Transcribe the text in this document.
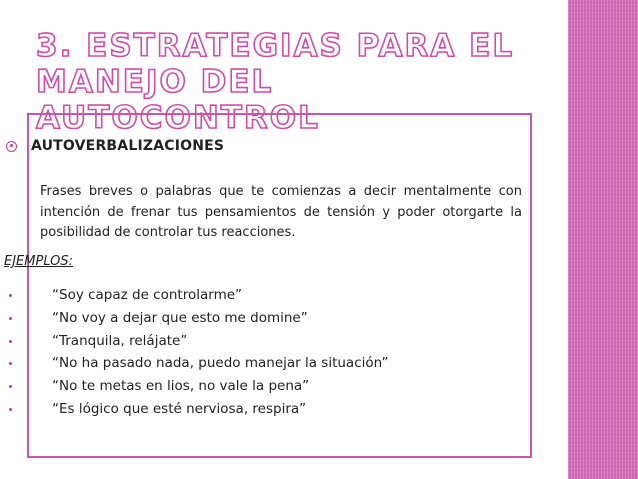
3. ESTRATEGIAS PARA EL MANEJO DEL AUTOCONTROL
AUTOVERBALIZACIONES

Frases breves o palabras que te comienzas a decir mentalmente con intención de frenar tus pensamientos de tensión y poder otorgarte la posibilidad de controlar tus reacciones.

EJEMPLOS:

“Soy capaz de controlarme”
“No voy a dejar que esto me domine”
“Tranquila, relájate”
“No ha pasado nada, puedo manejar la situación”
“No te metas en lios, no vale la pena”
“Es lógico que esté nerviosa, respira”
